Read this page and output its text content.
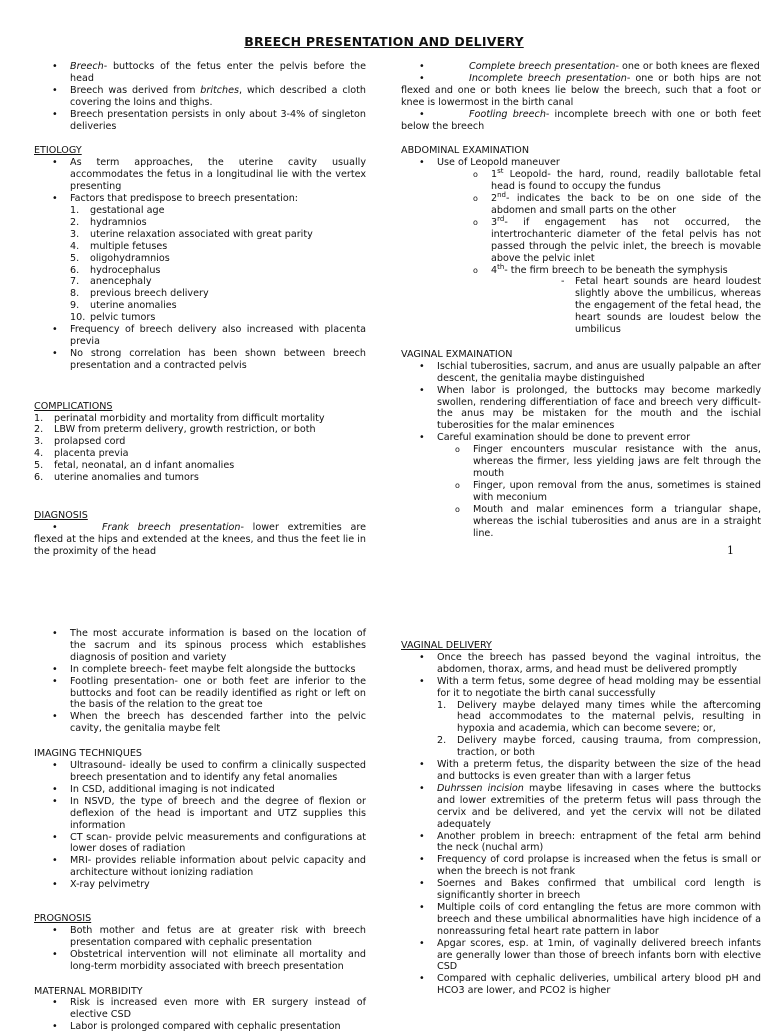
BREECH PRESENTATION AND DELIVERY
• Breech- buttocks of the fetus enter the pelvis before the head
• Breech was derived from britches, which described a cloth covering the loins and thighs.
• Breech presentation persists in only about 3-4% of singleton deliveries
ETIOLOGY
• As term approaches, the uterine cavity usually accommodates the fetus in a longitudinal lie with the vertex presenting
• Factors that predispose to breech presentation:
1. gestational age
2. hydramnios
3. uterine relaxation associated with great parity
4. multiple fetuses
5. oligohydramnios
6. hydrocephalus
7. anencephaly
8. previous breech delivery
9. uterine anomalies
10. pelvic tumors
• Frequency of breech delivery also increased with placenta previa
• No strong correlation has been shown between breech presentation and a contracted pelvis
COMPLICATIONS
1. perinatal morbidity and mortality from difficult mortality
2. LBW from preterm delivery, growth restriction, or both
3. prolapsed cord
4. placenta previa
5. fetal, neonatal, an d infant anomalies
6. uterine anomalies and tumors
DIAGNOSIS
•	Frank breech presentation- lower extremities are flexed at the hips and extended at the knees, and thus the feet lie in the proximity of the head
•	Complete breech presentation- one or both knees are flexed
•	Incomplete breech presentation- one or both hips are not flexed and one or both knees lie below the breech, such that a foot or knee is lowermost in the birth canal
•	Footling breech- incomplete breech with one or both feet below the breech
ABDOMINAL EXAMINATION
• Use of Leopold maneuver
o 1st Leopold- the hard, round, readily ballotable fetal head is found to occupy the fundus
o 2nd- indicates the back to be on one side of the abdomen and small parts on the other
o 3rd- if engagement has not occurred, the intertrochanteric diameter of the fetal pelvis has not passed through the pelvic inlet, the breech is movable above the pelvic inlet
o 4th- the firm breech to be beneath the symphysis
- Fetal heart sounds are heard loudest slightly above the umbilicus, whereas the engagement of the fetal head, the heart sounds are loudest below the umbilicus
VAGINAL EXMAINATION
• Ischial tuberosities, sacrum, and anus are usually palpable an after descent, the genitalia maybe distinguished
• When labor is prolonged, the buttocks may become markedly swollen, rendering differentiation of face and breech very difficult- the anus may be mistaken for the mouth and the ischial tuberosities for the malar eminences
• Careful examination should be done to prevent error
o Finger encounters muscular resistance with the anus, whereas the firmer, less yielding jaws are felt through the mouth
o Finger, upon removal from the anus, sometimes is stained with meconium
o Mouth and malar eminences form a triangular shape, whereas the ischial tuberosities and anus are in a straight line.
1
• The most accurate information is based on the location of the sacrum and its spinous process which establishes diagnosis of position and variety
• In complete breech- feet maybe felt alongside the buttocks
• Footling presentation- one or both feet are inferior to the buttocks and foot can be readily identified as right or left on the basis of the relation to the great toe
• When the breech has descended farther into the pelvic cavity, the genitalia maybe felt
IMAGING TECHNIQUES
• Ultrasound- ideally be used to confirm a clinically suspected breech presentation and to identify any fetal anomalies
• In CSD, additional imaging is not indicated
• In NSVD, the type of breech and the degree of flexion or deflexion of the head is important and UTZ supplies this information
• CT scan- provide pelvic measurements and configurations at lower doses of radiation
• MRI- provides reliable information about pelvic capacity and architecture without ionizing radiation
• X-ray pelvimetry
PROGNOSIS
• Both mother and fetus are at greater risk with breech presentation compared with cephalic presentation
• Obstetrical intervention will not eliminate all mortality and long-term morbidity associated with breech presentation
MATERNAL MORBIDITY
• Risk is increased even more with ER surgery instead of elective CSD
• Labor is prolonged compared with cephalic presentation
VAGINAL DELIVERY
• Once the breech has passed beyond the vaginal introitus, the abdomen, thorax, arms, and head must be delivered promptly
• With a term fetus, some degree of head molding may be essential for it to negotiate the birth canal successfully
1. Delivery maybe delayed many times while the aftercoming head accommodates to the maternal pelvis, resulting in hypoxia and academia, which can become severe; or,
2. Delivery maybe forced, causing trauma, from compression, traction, or both
• With a preterm fetus, the disparity between the size of the head and buttocks is even greater than with a larger fetus
• Duhrssen incision maybe lifesaving in cases where the buttocks and lower extremities of the preterm fetus will pass through the cervix and be delivered, and yet the cervix will not be dilated adequately
• Another problem in breech: entrapment of the fetal arm behind the neck (nuchal arm)
• Frequency of cord prolapse is increased when the fetus is small or when the breech is not frank
• Soernes and Bakes confirmed that umbilical cord length is significantly shorter in breech
• Multiple coils of cord entangling the fetus are more common with breech and these umbilical abnormalities have high incidence of a nonreassuring fetal heart rate pattern in labor
• Apgar scores, esp. at 1min, of vaginally delivered breech infants are generally lower than those of breech infants born with elective CSD
• Compared with cephalic deliveries, umbilical artery blood pH and HCO3 are lower, and PCO2 is higher
